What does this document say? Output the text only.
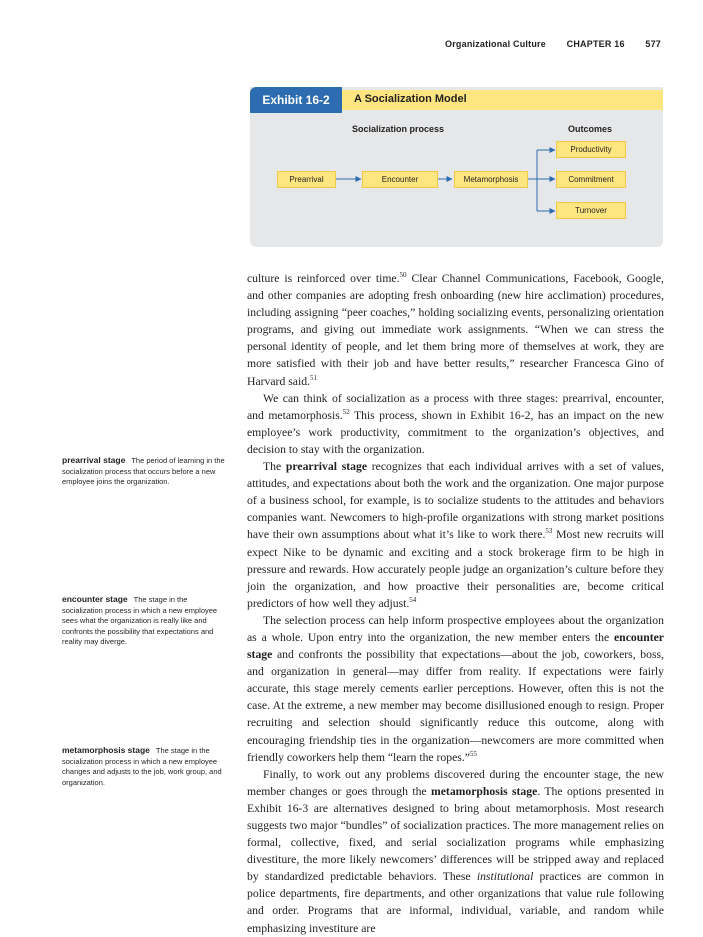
Organizational Culture CHAPTER 16 577
Exhibit 16-2	A Socialization Model
Socialization process	Outcomes
Prearrival	Encounter	Metamorphosis
Productivity
Commitment
Turnover

culture is reinforced over time.$^{50}$ Clear Channel Communications, Facebook, Google, and other companies are adopting fresh onboarding (new hire acclimation) procedures, including assigning “peer coaches,” holding socializing events, personalizing orientation programs, and giving out immediate work assignments. “When we can stress the personal identity of people, and let them bring more of themselves at work, they are more satisfied with their job and have better results,” researcher Francesca Gino of Harvard said.$^{51}$

We can think of socialization as a process with three stages: prearrival, encounter, and metamorphosis.$^{52}$ This process, shown in Exhibit 16-2, has an impact on the new employee’s work productivity, commitment to the organization’s objectives, and decision to stay with the organization.

The prearrival stage recognizes that each individual arrives with a set of values, attitudes, and expectations about both the work and the organization. One major purpose of a business school, for example, is to socialize students to the attitudes and behaviors companies want. Newcomers to high-profile organizations with strong market positions have their own assumptions about what it’s like to work there.$^{53}$ Most new recruits will expect Nike to be dynamic and exciting and a stock brokerage firm to be high in pressure and rewards. How accurately people judge an organization’s culture before they join the organization, and how proactive their personalities are, become critical predictors of how well they adjust.$^{54}$

The selection process can help inform prospective employees about the organization as a whole. Upon entry into the organization, the new member enters the encounter stage and confronts the possibility that expectations—about the job, coworkers, boss, and organization in general—may differ from reality. If expectations were fairly accurate, this stage merely cements earlier perceptions. However, often this is not the case. At the extreme, a new member may become disillusioned enough to resign. Proper recruiting and selection should significantly reduce this outcome, along with encouraging friendship ties in the organization—newcomers are more committed when friendly coworkers help them “learn the ropes.”$^{55}$

Finally, to work out any problems discovered during the encounter stage, the new member changes or goes through the metamorphosis stage. The options presented in Exhibit 16-3 are alternatives designed to bring about metamorphosis. Most research suggests two major “bundles” of socialization practices. The more management relies on formal, collective, fixed, and serial socialization programs while emphasizing divestiture, the more likely newcomers’ differences will be stripped away and replaced by standardized predictable behaviors. These institutional practices are common in police departments, fire departments, and other organizations that value rule following and order. Programs that are informal, individual, variable, and random while emphasizing investiture are

prearrival stage The period of learning in the socialization process that occurs before a new employee joins the organization.
encounter stage The stage in the socialization process in which a new employee sees what the organization is really like and confronts the possibility that expectations and reality may diverge.
metamorphosis stage The stage in the socialization process in which a new employee changes and adjusts to the job, work group, and organization.
